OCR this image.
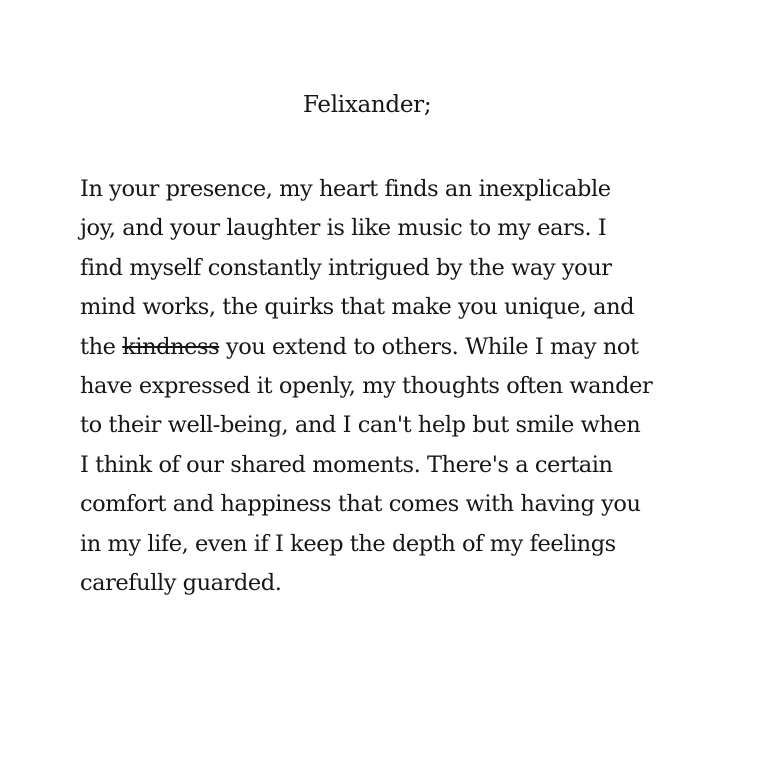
Felixander;
In your presence, my heart finds an inexplicable
joy, and your laughter is like music to my ears. I
find myself constantly intrigued by the way your
mind works, the quirks that make you unique, and
the kindness you extend to others. While I may not
have expressed it openly, my thoughts often wander
to their well-being, and I can't help but smile when
I think of our shared moments. There's a certain
comfort and happiness that comes with having you
in my life, even if I keep the depth of my feelings
carefully guarded.
